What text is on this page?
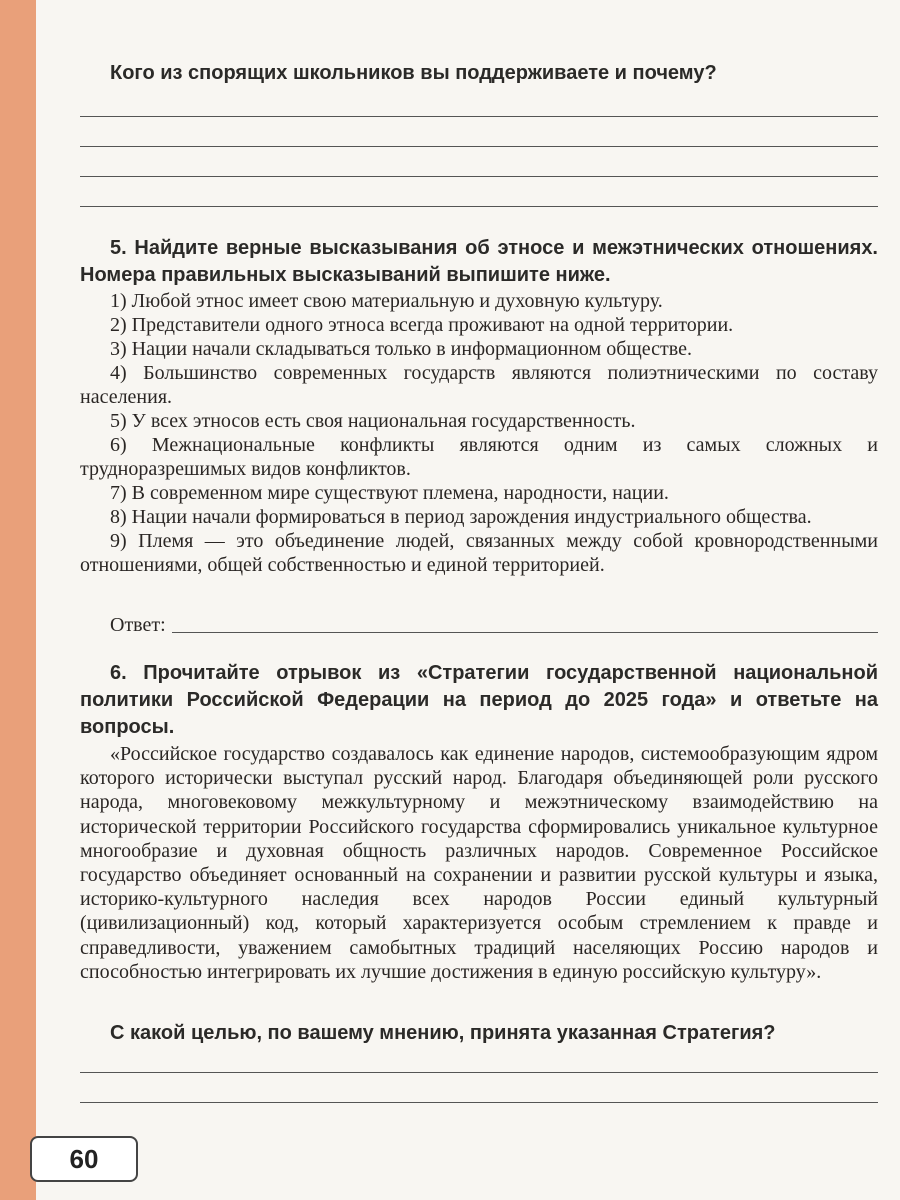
Кого из спорящих школьников вы поддерживаете и почему?
5. Найдите верные высказывания об этносе и межэтнических отношениях. Номера правильных высказываний выпишите ниже.

1) Любой этнос имеет свою материальную и духовную культуру.

2) Представители одного этноса всегда проживают на одной территории.

3) Нации начали складываться только в информационном обществе.

4) Большинство современных государств являются полиэтническими по составу населения.

5) У всех этносов есть своя национальная государственность.

6) Межнациональные конфликты являются одним из самых сложных и трудноразрешимых видов конфликтов.

7) В современном мире существуют племена, народности, нации.

8) Нации начали формироваться в период зарождения индустриального общества.

9) Племя — это объединение людей, связанных между собой кровнородственными отношениями, общей собственностью и единой территорией.

Ответ:
6. Прочитайте отрывок из «Стратегии государственной национальной политики Российской Федерации на период до 2025 года» и ответьте на вопросы.

«Российское государство создавалось как единение народов, системообразующим ядром которого исторически выступал русский народ. Благодаря объединяющей роли русского народа, многовековому межкультурному и межэтническому взаимодействию на исторической территории Российского государства сформировались уникальное культурное многообразие и духовная общность различных народов. Современное Российское государство объединяет основанный на сохранении и развитии русской культуры и языка, историко-культурного наследия всех народов России единый культурный (цивилизационный) код, который характеризуется особым стремлением к правде и справедливости, уважением самобытных традиций населяющих Россию народов и способностью интегрировать их лучшие достижения в единую российскую культуру».

С какой целью, по вашему мнению, принята указанная Стратегия?
60
